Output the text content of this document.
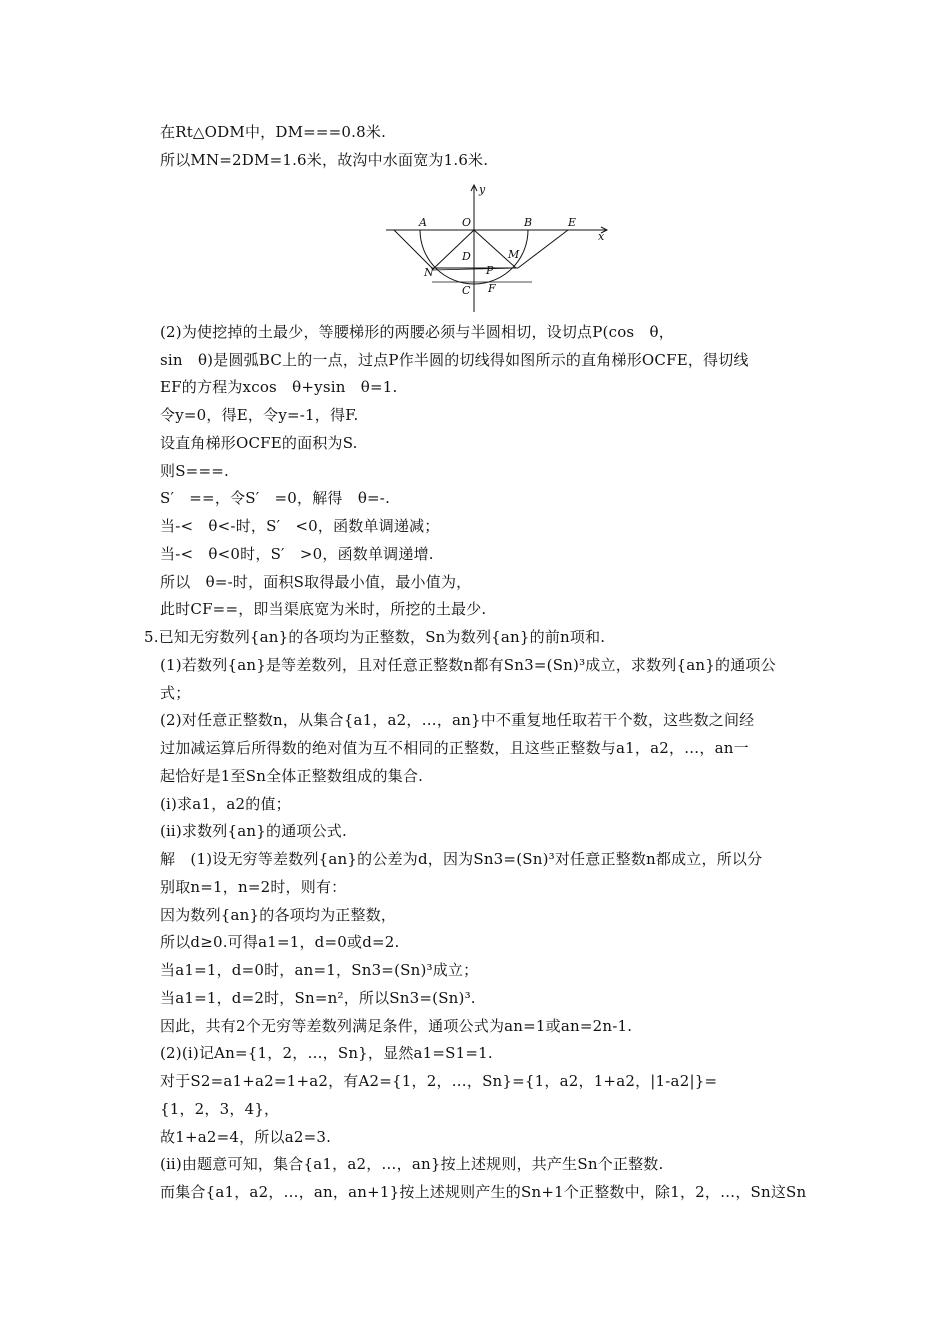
在Rt△ODM中，DM===0.8米.
所以MN=2DM=1.6米，故沟中水面宽为1.6米.
A	O	B	E
y
x
D	M
N	P
C F
(2)为使挖掉的土最少，等腰梯形的两腰必须与半圆相切，设切点P(cos　θ，
sin　θ)是圆弧BC上的一点，过点P作半圆的切线得如图所示的直角梯形OCFE，得切线
EF的方程为xcos　θ+ysin　θ=1.
令y=0，得E，令y=-1，得F.
设直角梯形OCFE的面积为S.
则S===.
S′　==，令S′　=0，解得　θ=-.
当-<　θ<-时，S′　<0，函数单调递减；
当-<　θ<0时，S′　>0，函数单调递增.
所以　θ=-时，面积S取得最小值，最小值为，
此时CF==，即当渠底宽为米时，所挖的土最少.
5.已知无穷数列{an}的各项均为正整数，Sn为数列{an}的前n项和.
(1)若数列{an}是等差数列，且对任意正整数n都有Sn3=(Sn)³成立，求数列{an}的通项公
式；
(2)对任意正整数n，从集合{a1，a2，…，an}中不重复地任取若干个数，这些数之间经
过加减运算后所得数的绝对值为互不相同的正整数，且这些正整数与a1，a2，…，an一
起恰好是1至Sn全体正整数组成的集合.
(ⅰ)求a1，a2的值；
(ⅱ)求数列{an}的通项公式.
解　(1)设无穷等差数列{an}的公差为d，因为Sn3=(Sn)³对任意正整数n都成立，所以分
别取n=1，n=2时，则有：
因为数列{an}的各项均为正整数，
所以d≥0.可得a1=1，d=0或d=2.
当a1=1，d=0时，an=1，Sn3=(Sn)³成立；
当a1=1，d=2时，Sn=n²，所以Sn3=(Sn)³.
因此，共有2个无穷等差数列满足条件，通项公式为an=1或an=2n-1.
(2)(ⅰ)记An={1，2，…，Sn}，显然a1=S1=1.
对于S2=a1+a2=1+a2，有A2={1，2，…，Sn}={1，a2，1+a2，|1-a2|}=
{1，2，3，4}，
故1+a2=4，所以a2=3.
(ⅱ)由题意可知，集合{a1，a2，…，an}按上述规则，共产生Sn个正整数.
而集合{a1，a2，…，an，an+1}按上述规则产生的Sn+1个正整数中，除1，2，…，Sn这Sn
